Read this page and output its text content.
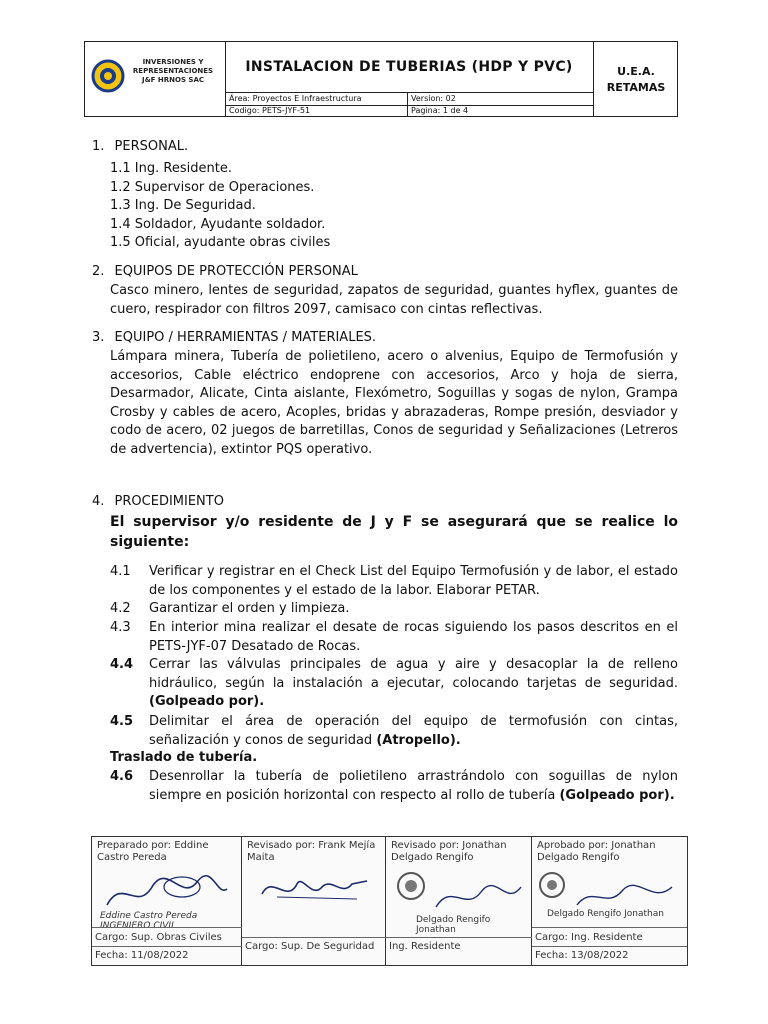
INVERSIONES Y REPRESENTACIONES J&F HRNOS SAC
INSTALACION DE TUBERIAS (HDP Y PVC)
Área: Proyectos E Infraestructura	Version: 02
Codigo: PETS-JYF-51	Pagina: 1 de 4
U.E.A.
RETAMAS
1. PERSONAL.
1.1 Ing. Residente.
1.2 Supervisor de Operaciones.
1.3 Ing. De Seguridad.
1.4 Soldador, Ayudante soldador.
1.5 Oficial, ayudante obras civiles
2. EQUIPOS DE PROTECCIÓN PERSONAL
Casco minero, lentes de seguridad, zapatos de seguridad, guantes hyflex, guantes de cuero, respirador con filtros 2097, camisaco con cintas reflectivas.
3. EQUIPO / HERRAMIENTAS / MATERIALES.
Lámpara minera, Tubería de polietileno, acero o alvenius, Equipo de Termofusión y accesorios, Cable eléctrico endoprene con accesorios, Arco y hoja de sierra, Desarmador, Alicate, Cinta aislante, Flexómetro, Soguillas y sogas de nylon, Grampa Crosby y cables de acero, Acoples, bridas y abrazaderas, Rompe presión, desviador y codo de acero, 02 juegos de barretillas, Conos de seguridad y Señalizaciones (Letreros de advertencia), extintor PQS operativo.
4. PROCEDIMIENTO
El supervisor y/o residente de J y F se asegurará que se realice lo siguiente:
4.1 Verificar y registrar en el Check List del Equipo Termofusión y de labor, el estado de los componentes y el estado de la labor. Elaborar PETAR.
4.2 Garantizar el orden y limpieza.
4.3 En interior mina realizar el desate de rocas siguiendo los pasos descritos en el PETS-JYF-07 Desatado de Rocas.
4.4 Cerrar las válvulas principales de agua y aire y desacoplar la de relleno hidráulico, según la instalación a ejecutar, colocando tarjetas de seguridad. (Golpeado por).
4.5 Delimitar el área de operación del equipo de termofusión con cintas, señalización y conos de seguridad (Atropello).
Traslado de tubería.
4.6 Desenrollar la tubería de polietileno arrastrándolo con soguillas de nylon siempre en posición horizontal con respecto al rollo de tubería (Golpeado por).
Preparado por: Eddine Castro Pereda
Eddine Castro Pereda INGENIERO CIVIL
Cargo: Sup. Obras Civiles
Fecha: 11/08/2022
Revisado por: Frank Mejía Maita
Cargo: Sup. De Seguridad
Revisado por: Jonathan Delgado Rengifo
Delgado Rengifo Jonathan
Ing. Residente
Aprobado por: Jonathan Delgado Rengifo
Delgado Rengifo Jonathan
Cargo: Ing. Residente
Fecha: 13/08/2022
